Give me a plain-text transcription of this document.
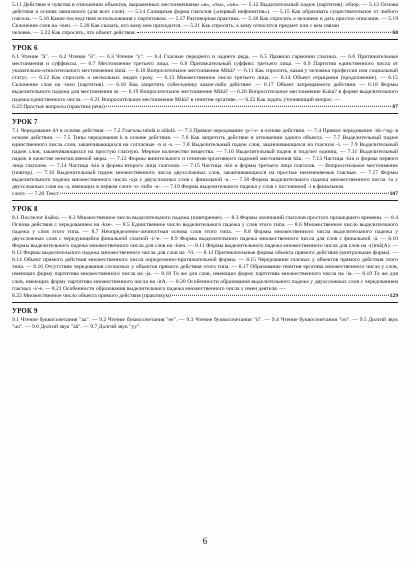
5.11 Действия и чувства в отношении объектов, выраженных местоимениями «я», «ты», «он». — 5.12 Выделительный падеж (партитив): обзор. — 5.13 Основа действия и основа зависимого (для всех слов). — 5.14 Словарная форма глаголов («первый инфинитив»). — 5.15 Как образовать существительное от любого глагола. — 5.16 Какие последствия использования с партитивом. — 5.17 Разговорная практика. — 5.18 Как спросить о человеке и дать простое описание. — 5.19 Склонение слов на -inen. — 5.20 Как сказать, кто кому кем приходится. — 5.21 Как спросить, к кому относится предмет или с кем связан

человек. — 5.22 Как спросить, что объект действия.	68
УРОК 6

6.1 Чтение "ä". — 6.2 Чтение "ö". — 6.3 Чтение "y". — 6.4 Гласные переднего и заднего ряда. — 6.5 Правило гармонии гласных. — 6.6 Притяжательные местоимения и суффиксы. — 6.7 Местоимение третьего лица. — 6.8 Притяжательный суффикс третьего лица. — 6.9 Партитив единственного числа от указательно-относительного местоимения tämä. — 6.10 Вопросительное местоимение Mikä? — 6.11 Как спросить, какая у человека профессия или социальный статус. — 6.12 Как спросить о нескольких людях сразу. — 6.13 Множественное число третьего лица. — 6.14 Объект отрицания (продолжение). — 6.15 Склонение слов на -inen (партитив). — 6.16 Как запретить собеседнику какое-либо действие. — 6.17 Объект запрещаемого действия. — 6.18 Формы выделительного падежа для местоимения se. — 6.19 Вопросительное местоимение Mikä? — 6.20 Вопросительное местоимение Kuka? в форме выделительного падежа единственного числа. — 6.21 Вопросительное местоимение Mikä? в генитив-эргативе. — 6.22 Как задать уточняющий вопрос. —

6.23 Простые вопросы (практика речи)	87
УРОК 7

7.1 Чередование d/t в основе действия. — 7.2 Глаголы tehdä и nähdä. — 7.3 Прямое чередование -p-/-v- в основе действия. — 7.4 Прямое чередование -nk-/-ng- в основе действия. — 7.5 Типы чередования k в основе действия. — 7.6 Как запретить действие в отношении одного объекта. — 7.7 Выделительный падеж единственного числа слов, заканчивающихся на согласные -n и -s. — 7.8 Выделительный падеж слов, заканчивающихся на гласную -i. — 7.9 Выделительный падеж слов, заканчивающихся на простую гласную. Мерное количество вещества. — 7.10 Выделительный падеж и подсчет единиц. — 7.11 Выделительный падеж в качестве неисчисляемой меры. — 7.12 Формы винительного и генитив-эргативного падежей местоимения hän. — 7.13 Частица -kin и формы первого лица глаголов. — 7.14 Частица -kin и формы второго лица глаголов. — 7.15 Частица -kin и формы третьего лица глаголов. — Вопросительное местоимение (повтор). — 7.16 Выделительный падеж множественного числа двухсложных слов, заканчивающихся на простые неизменяемые гласные. — 7.17 Формы выделительного падежа множественного числа -oja у двухсложных слов с финальной -a. — 7.18 Формы выделительного падежа множественного числа -ia у двухсложных слов на -a, имеющих в первом слоге -o- либо -u-. — 7.19 Формы выделительного падежа у слов с постоянной -i в финальном

слоге. — 7.20 Текст	107
УРОК 8

8.1 Послелог lisäksi. — 8.2 Множественное число выделительного падежа (повторение). — 8.3 Формы окончаний глаголов простого прошедшего времени. — 8.4 Основа действия с чередованием на -kse-. — 8.5 Единственное число выделительного падежа у слов этого типа. — 8.6 Множественное число выделительного падежа у слов этого типа. — 8.7 Неопределенно-личностная основа слов этого типа. — 8.8 Формы множественного числа выделительного падежа у двухсложных слов с чередующейся финальной гласной -i/-e. — 8.9 Формы выделительного падежа множественного числа для слов с финальной -ä. — 8.10 Формы выделительного падежа множественного числа для слов на -inen. — 8.11 Формы выделительного падежа множественного числа для слов на -(i)mä(A). — 8.12 Формы выделительного падежа множественного числа для слов на -Vi. — 8.13 Притяжательные формы объекта прямого действия (контрольная форма). — 8.14 Объект прямого действия множественного числа определенно-притяжательной формы. — 8.15 Чередование гласных у объектов прямого действия этого типа. — 8.16 Отсутствие чередования согласных у объектов прямого действия этого типа. — 8.17 Образование генитив-эргатива множественного числа у слов, имеющих форму партитива множественного числа на -ja. — 8.18 То же для слов, имеющих форму партитива множественного числа на -ia. — 8.19 То же для слов, имеющих форму партитива множественного числа на -itA. — 8.20 Особенности образования выделительного падежа у двухсложных слов с чередованием гласных -i/-e. — 8.21 Особенности образования выделительного падежа множественного числа у имен деятеля. —

8.22 Множественное число объекта прямого действия (практикум)	129
УРОК 9

9.1 Чтение буквосочетания "aa". — 9.2 Чтение буквосочетания "ee". — 9.3 Чтение буквосочетания "ii". — 9.4 Чтение буквосочетания "oo". — 9.5 Долгий звук "uu". — 9.6 Долгий звук "ää". — 9.7 Долгий звук "yy".

6
